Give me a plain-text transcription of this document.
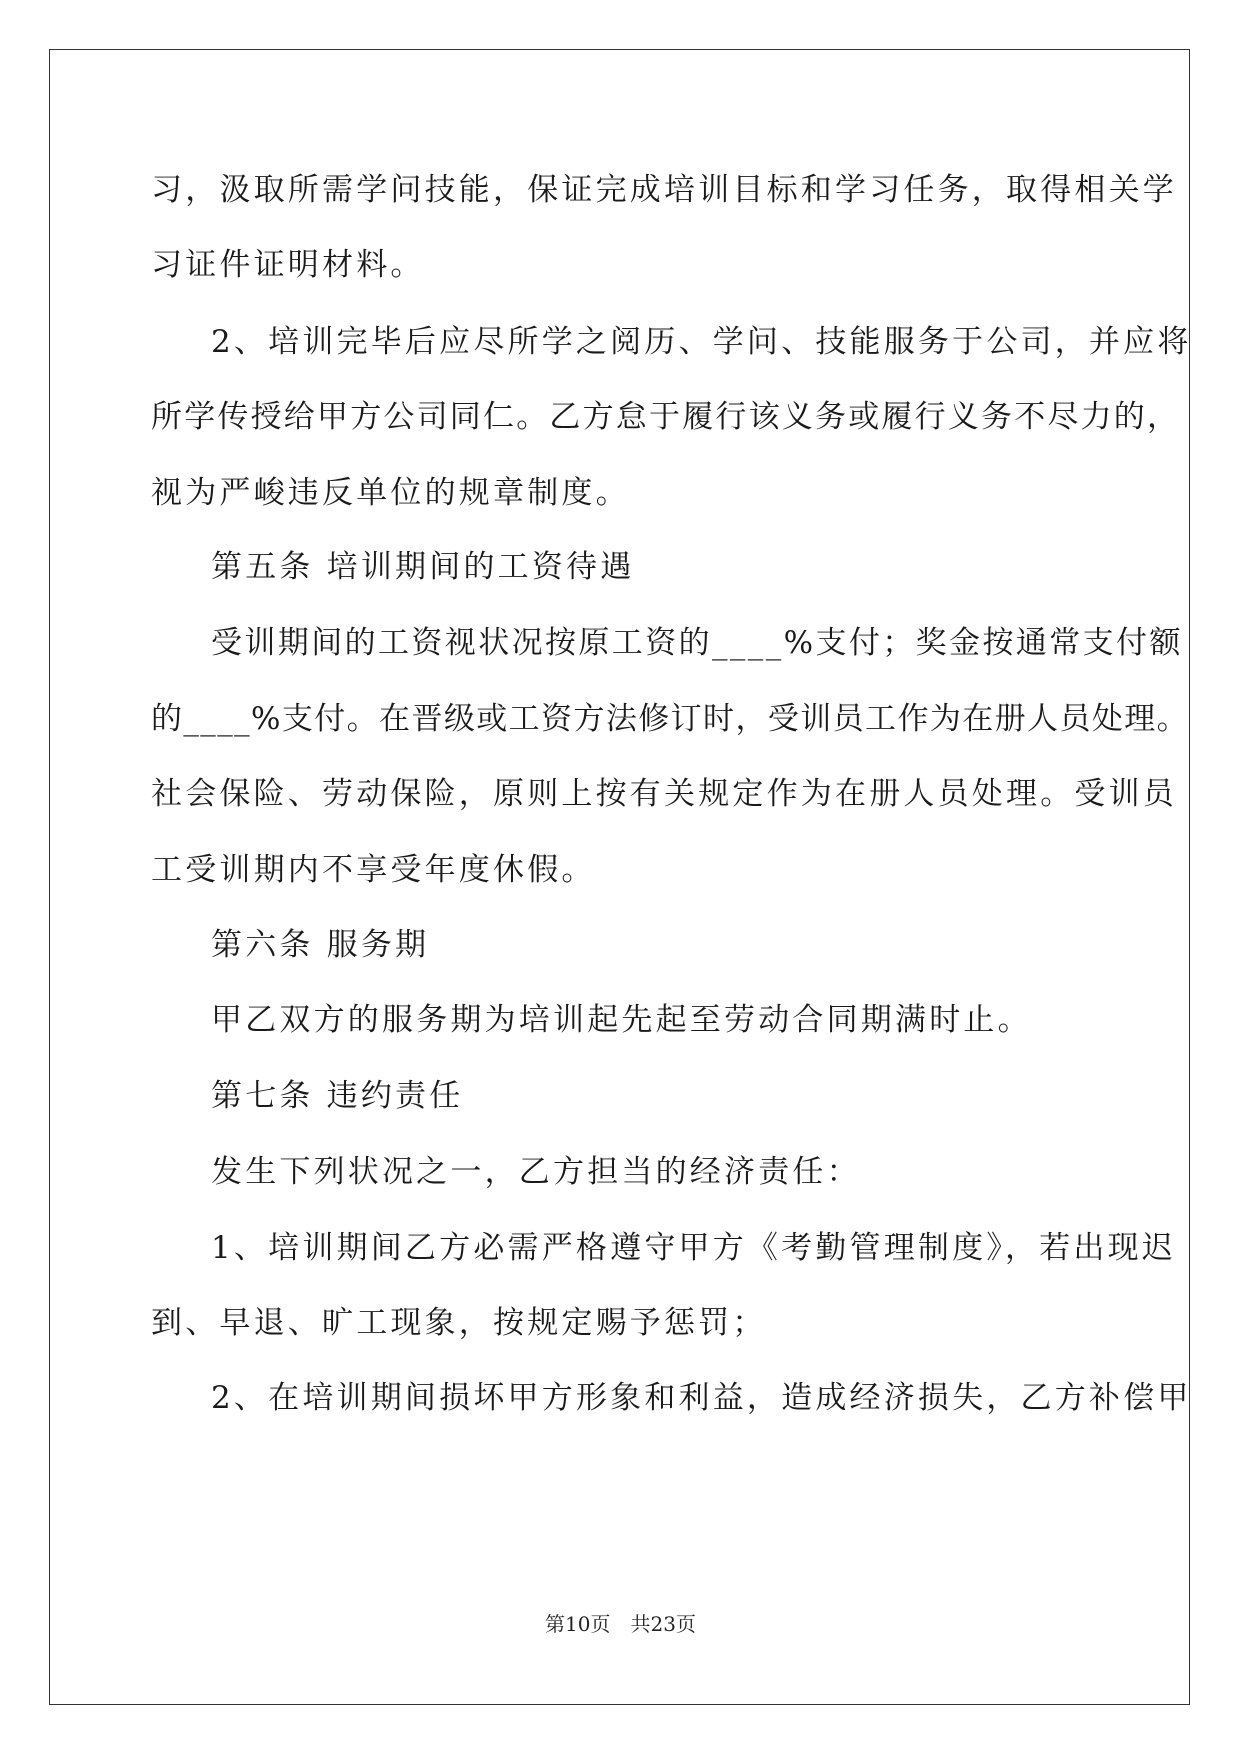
习，汲取所需学问技能，保证完成培训目标和学习任务，取得相关学
习证件证明材料。
2、培训完毕后应尽所学之阅历、学问、技能服务于公司，并应将
所学传授给甲方公司同仁。乙方怠于履行该义务或履行义务不尽力的，
视为严峻违反单位的规章制度。
第五条 培训期间的工资待遇
受训期间的工资视状况按原工资的____%支付；奖金按通常支付额
的____%支付。在晋级或工资方法修订时，受训员工作为在册人员处理。
社会保险、劳动保险，原则上按有关规定作为在册人员处理。受训员
工受训期内不享受年度休假。
第六条 服务期
甲乙双方的服务期为培训起先起至劳动合同期满时止。
第七条 违约责任
发生下列状况之一，乙方担当的经济责任：
1、培训期间乙方必需严格遵守甲方《考勤管理制度》，若出现迟
到、早退、旷工现象，按规定赐予惩罚；
2、在培训期间损坏甲方形象和利益，造成经济损失，乙方补偿甲
第10页　共23页
